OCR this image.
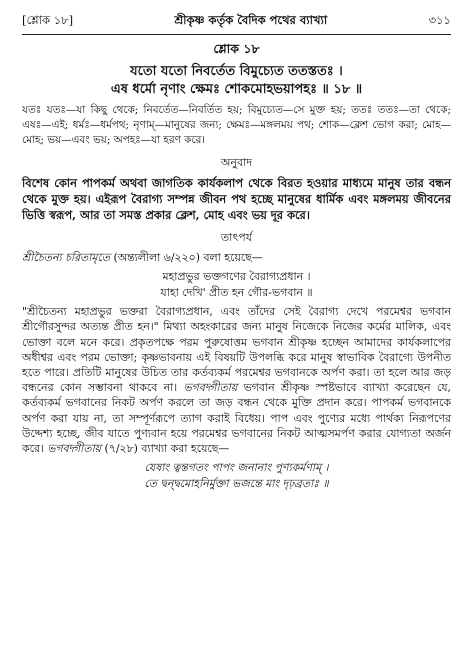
[শ্লোক ১৮]	শ্রীকৃষ্ণ কর্তৃক বৈদিক পথের ব্যাখ্যা	৩১১
শ্লোক ১৮
যতো যতো নিবর্তেত বিমুচ্যেত ততস্ততঃ ।
এষ ধর্মো নৃণাং ক্ষেমঃ শোকমোহভয়াপহঃ ॥ ১৮ ॥
যতঃ যতঃ—যা কিছু থেকে; নিবর্তেত—নিবর্তিত হয়; বিমুচ্যেত—সে মুক্ত হয়; ততঃ ততঃ—তা থেকে; এষঃ—এই; ধর্মঃ—ধর্মপথ; নৃণাম্—মানুষের জন্য; ক্ষেমঃ—মঙ্গলময় পথ; শোক—ক্লেশ ভোগ করা; মোহ—মোহ; ভয়—এবং ভয়; অপহঃ—যা হরণ করে।
অনুবাদ
বিশেষ কোন পাপকর্ম অথবা জাগতিক কার্যকলাপ থেকে বিরত হওয়ার মাধ্যমে মানুষ তার বন্ধন থেকে মুক্ত হয়। এইরূপ বৈরাগ্য সম্পন্ন জীবন পথ হচ্ছে মানুষের ধার্মিক এবং মঙ্গলময় জীবনের ভিত্তি স্বরূপ, আর তা সমস্ত প্রকার ক্লেশ, মোহ এবং ভয় দূর করে।
তাৎপর্য
শ্রীচৈতন্য চরিতামৃতে (অন্ত্যলীলা ৬/২২০) বলা হয়েছে—
মহাপ্রভুর ভক্তগণের বৈরাগ্যপ্রধান ।
যাহা দেখি' প্রীত হন গৌর-ভগবান ॥
"শ্রীচৈতন্য মহাপ্রভুর ভক্তরা বৈরাগ্যপ্রধান, এবং তাঁদের সেই বৈরাগ্য দেখে পরমেশ্বর ভগবান শ্রীগৌরসুন্দর অত্যন্ত প্রীত হন।" মিথ্যা অহংকারের জন্য মানুষ নিজেকে নিজের কর্মের মালিক, এবং ভোক্তা বলে মনে করে। প্রকৃতপক্ষে পরম পুরুষোত্তম ভগবান শ্রীকৃষ্ণ হচ্ছেন আমাদের কার্যকলাপের অধীশ্বর এবং পরম ভোক্তা; কৃষ্ণভাবনায় এই বিষয়টি উপলব্ধি করে মানুষ স্বাভাবিক বৈরাগ্যে উপনীত হতে পারে। প্রতিটি মানুষের উচিত তার কর্তব্যকর্ম পরমেশ্বর ভগবানকে অর্পণ করা। তা হলে আর জড় বন্ধনের কোন সম্ভাবনা থাকবে না। ভগবদ্গীতায় ভগবান শ্রীকৃষ্ণ স্পষ্টভাবে ব্যাখ্যা করেছেন যে, কর্তব্যকর্ম ভগবানের নিকট অর্পণ করলে তা জড় বন্ধন থেকে মুক্তি প্রদান করে। পাপকর্ম ভগবানকে অর্পণ করা যায় না, তা সম্পূর্ণরূপে ত্যাগ করাই বিধেয়। পাপ এবং পুণ্যের মধ্যে পার্থক্য নিরূপণের উদ্দেশ্য হচ্ছে, জীব যাতে পুণ্যবান হয়ে পরমেশ্বর ভগবানের নিকট আত্মসমর্পণ করার যোগ্যতা অর্জন করে। ভগবদ্গীতায় (৭/২৮) ব্যাখ্যা করা হয়েছে—
যেষাং ত্বন্তগতং পাপং জনানাং পুণ্যকর্মণাম্ ।
তে দ্বন্দ্বমোহনির্মুক্তা ভজন্তে মাং দৃঢ়ব্রতাঃ ॥
